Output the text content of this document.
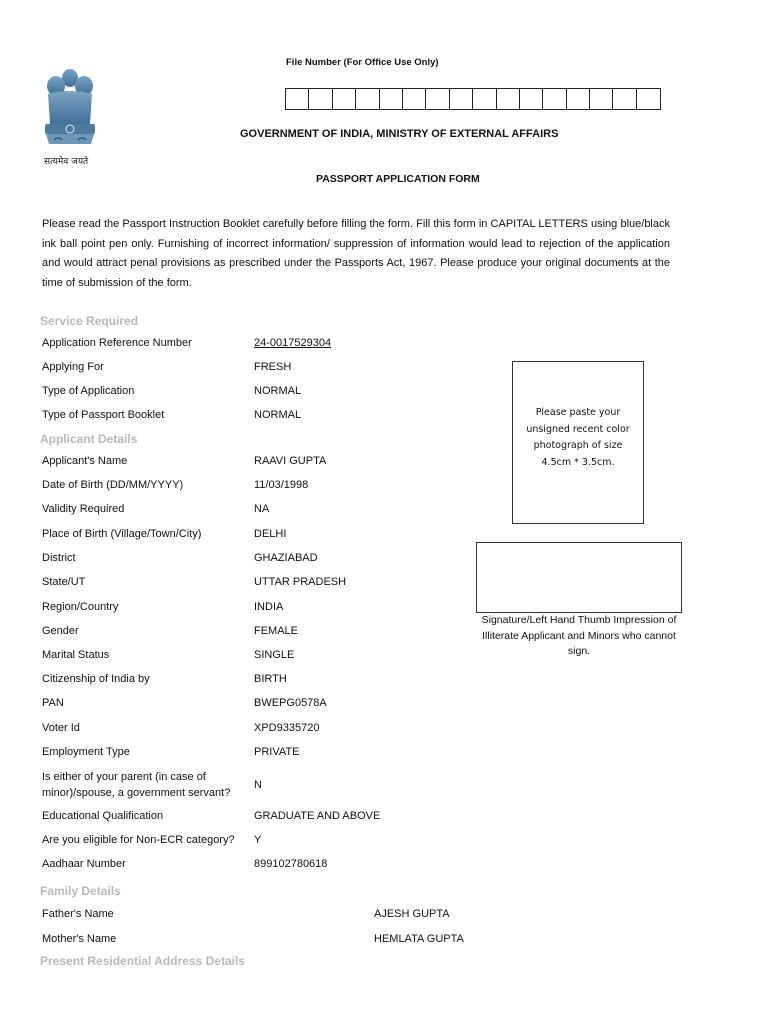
सत्यमेव जयते
File Number (For Office Use Only)
GOVERNMENT OF INDIA, MINISTRY OF EXTERNAL AFFAIRS
PASSPORT APPLICATION FORM
Please read the Passport Instruction Booklet carefully before filling the form. Fill this form in CAPITAL LETTERS using blue/black ink ball point pen only. Furnishing of incorrect information/ suppression of information would lead to rejection of the application and would attract penal provisions as prescribed under the Passports Act, 1967. Please produce your original documents at the time of submission of the form.
Service Required
Application Reference Number	24-0017529304
Applying For	FRESH
Type of Application	NORMAL
Type of Passport Booklet	NORMAL
Applicant Details
Applicant's Name	RAAVI GUPTA
Date of Birth (DD/MM/YYYY)	11/03/1998
Validity Required	NA
Place of Birth (Village/Town/City)	DELHI
District	GHAZIABAD
State/UT	UTTAR PRADESH
Region/Country	INDIA
Gender	FEMALE
Marital Status	SINGLE
Citizenship of India by	BIRTH
PAN	BWEPG0578A
Voter Id	XPD9335720
Employment Type	PRIVATE
Is either of your parent (in case of minor)/spouse, a government servant?
N
Educational Qualification	GRADUATE AND ABOVE
Are you eligible for Non-ECR category? Y
Aadhaar Number	899102780618
Please paste your unsigned recent color photograph of size 4.5cm * 3.5cm.
Signature/Left Hand Thumb Impression of Illiterate Applicant and Minors who cannot sign.
Family Details
Father's Name	AJESH GUPTA
Mother's Name	HEMLATA GUPTA
Present Residential Address Details
